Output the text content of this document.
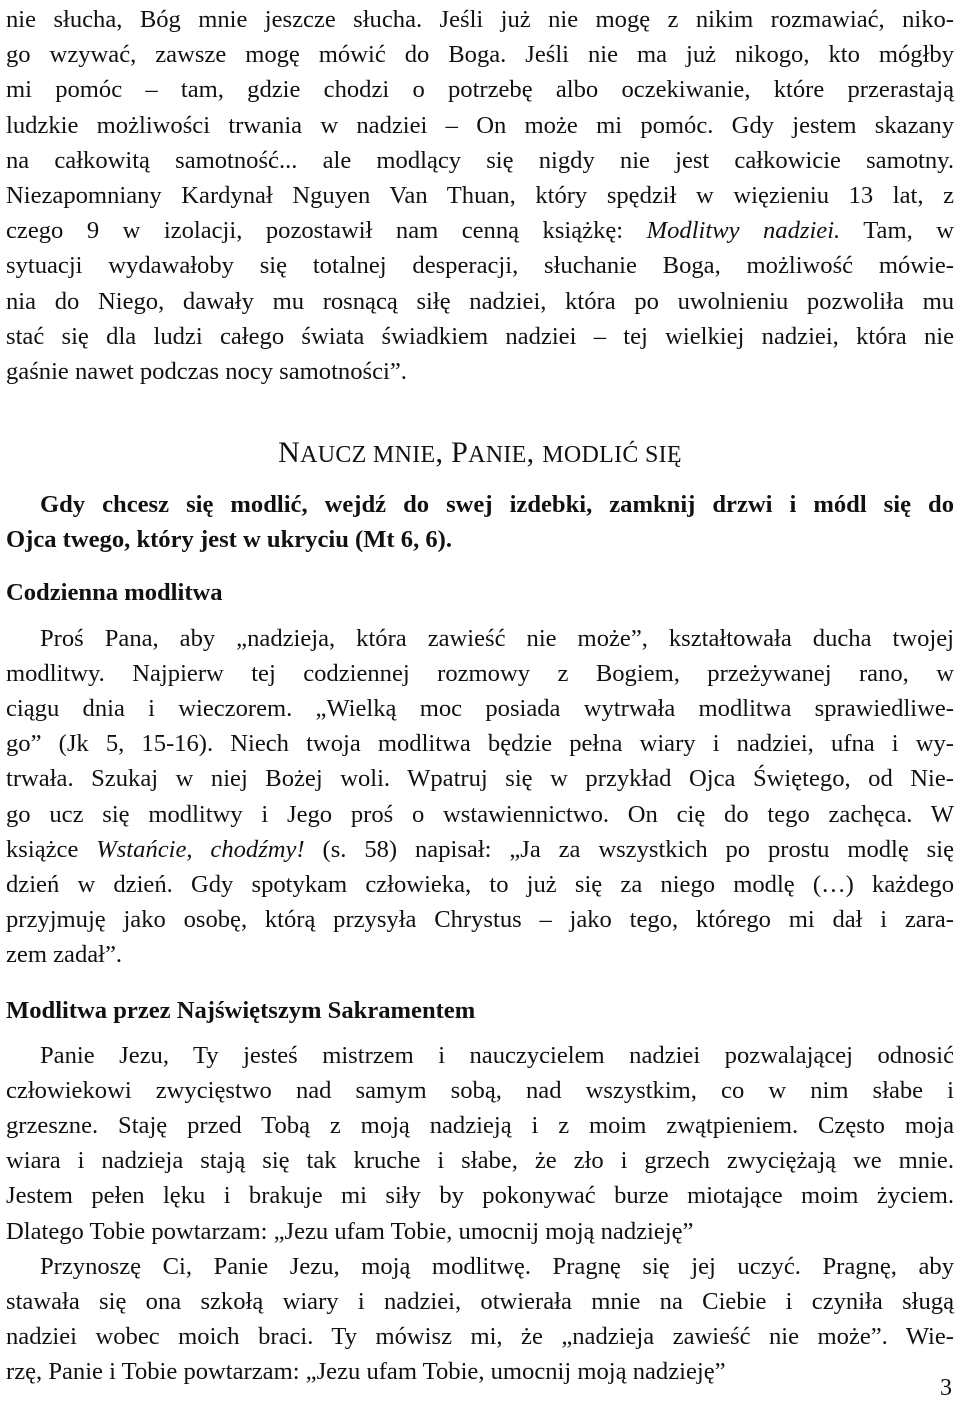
nie słucha, Bóg mnie jeszcze słucha. Jeśli już nie mogę z nikim rozmawiać, niko-
go wzywać, zawsze mogę mówić do Boga. Jeśli nie ma już nikogo, kto mógłby
mi pomóc – tam, gdzie chodzi o potrzebę albo oczekiwanie, które przerastają
ludzkie możliwości trwania w nadziei – On może mi pomóc. Gdy jestem skazany
na całkowitą samotność... ale modlący się nigdy nie jest całkowicie samotny.
Niezapomniany Kardynał Nguyen Van Thuan, który spędził w więzieniu 13 lat, z
czego 9 w izolacji, pozostawił nam cenną książkę: Modlitwy nadziei. Tam, w
sytuacji wydawałoby się totalnej desperacji, słuchanie Boga, możliwość mówie-
nia do Niego, dawały mu rosnącą siłę nadziei, która po uwolnieniu pozwoliła mu
stać się dla ludzi całego świata świadkiem nadziei – tej wielkiej nadziei, która nie
gaśnie nawet podczas nocy samotności”.
NAUCZ MNIE, PANIE, MODLIĆ SIĘ
Gdy chcesz się modlić, wejdź do swej izdebki, zamknij drzwi i módl się do
Ojca twego, który jest w ukryciu (Mt 6, 6).
Codzienna modlitwa
Proś Pana, aby „nadzieja, która zawieść nie może”, kształtowała ducha twojej
modlitwy. Najpierw tej codziennej rozmowy z Bogiem, przeżywanej rano, w
ciągu dnia i wieczorem. „Wielką moc posiada wytrwała modlitwa sprawiedliwe-
go” (Jk 5, 15-16). Niech twoja modlitwa będzie pełna wiary i nadziei, ufna i wy-
trwała. Szukaj w niej Bożej woli. Wpatruj się w przykład Ojca Świętego, od Nie-
go ucz się modlitwy i Jego proś o wstawiennictwo. On cię do tego zachęca. W
książce Wstańcie, chodźmy! (s. 58) napisał: „Ja za wszystkich po prostu modlę się
dzień w dzień. Gdy spotykam człowieka, to już się za niego modlę (…) każdego
przyjmuję jako osobę, którą przysyła Chrystus – jako tego, którego mi dał i zara-
zem zadał”.
Modlitwa przez Najświętszym Sakramentem
Panie Jezu, Ty jesteś mistrzem i nauczycielem nadziei pozwalającej odnosić
człowiekowi zwycięstwo nad samym sobą, nad wszystkim, co w nim słabe i
grzeszne. Staję przed Tobą z moją nadzieją i z moim zwątpieniem. Często moja
wiara i nadzieja stają się tak kruche i słabe, że zło i grzech zwyciężają we mnie.
Jestem pełen lęku i brakuje mi siły by pokonywać burze miotające moim życiem.
Dlatego Tobie powtarzam: „Jezu ufam Tobie, umocnij moją nadzieję”
Przynoszę Ci, Panie Jezu, moją modlitwę. Pragnę się jej uczyć. Pragnę, aby
stawała się ona szkołą wiary i nadziei, otwierała mnie na Ciebie i czyniła sługą
nadziei wobec moich braci. Ty mówisz mi, że „nadzieja zawieść nie może”. Wie-
rzę, Panie i Tobie powtarzam: „Jezu ufam Tobie, umocnij moją nadzieję”
3
